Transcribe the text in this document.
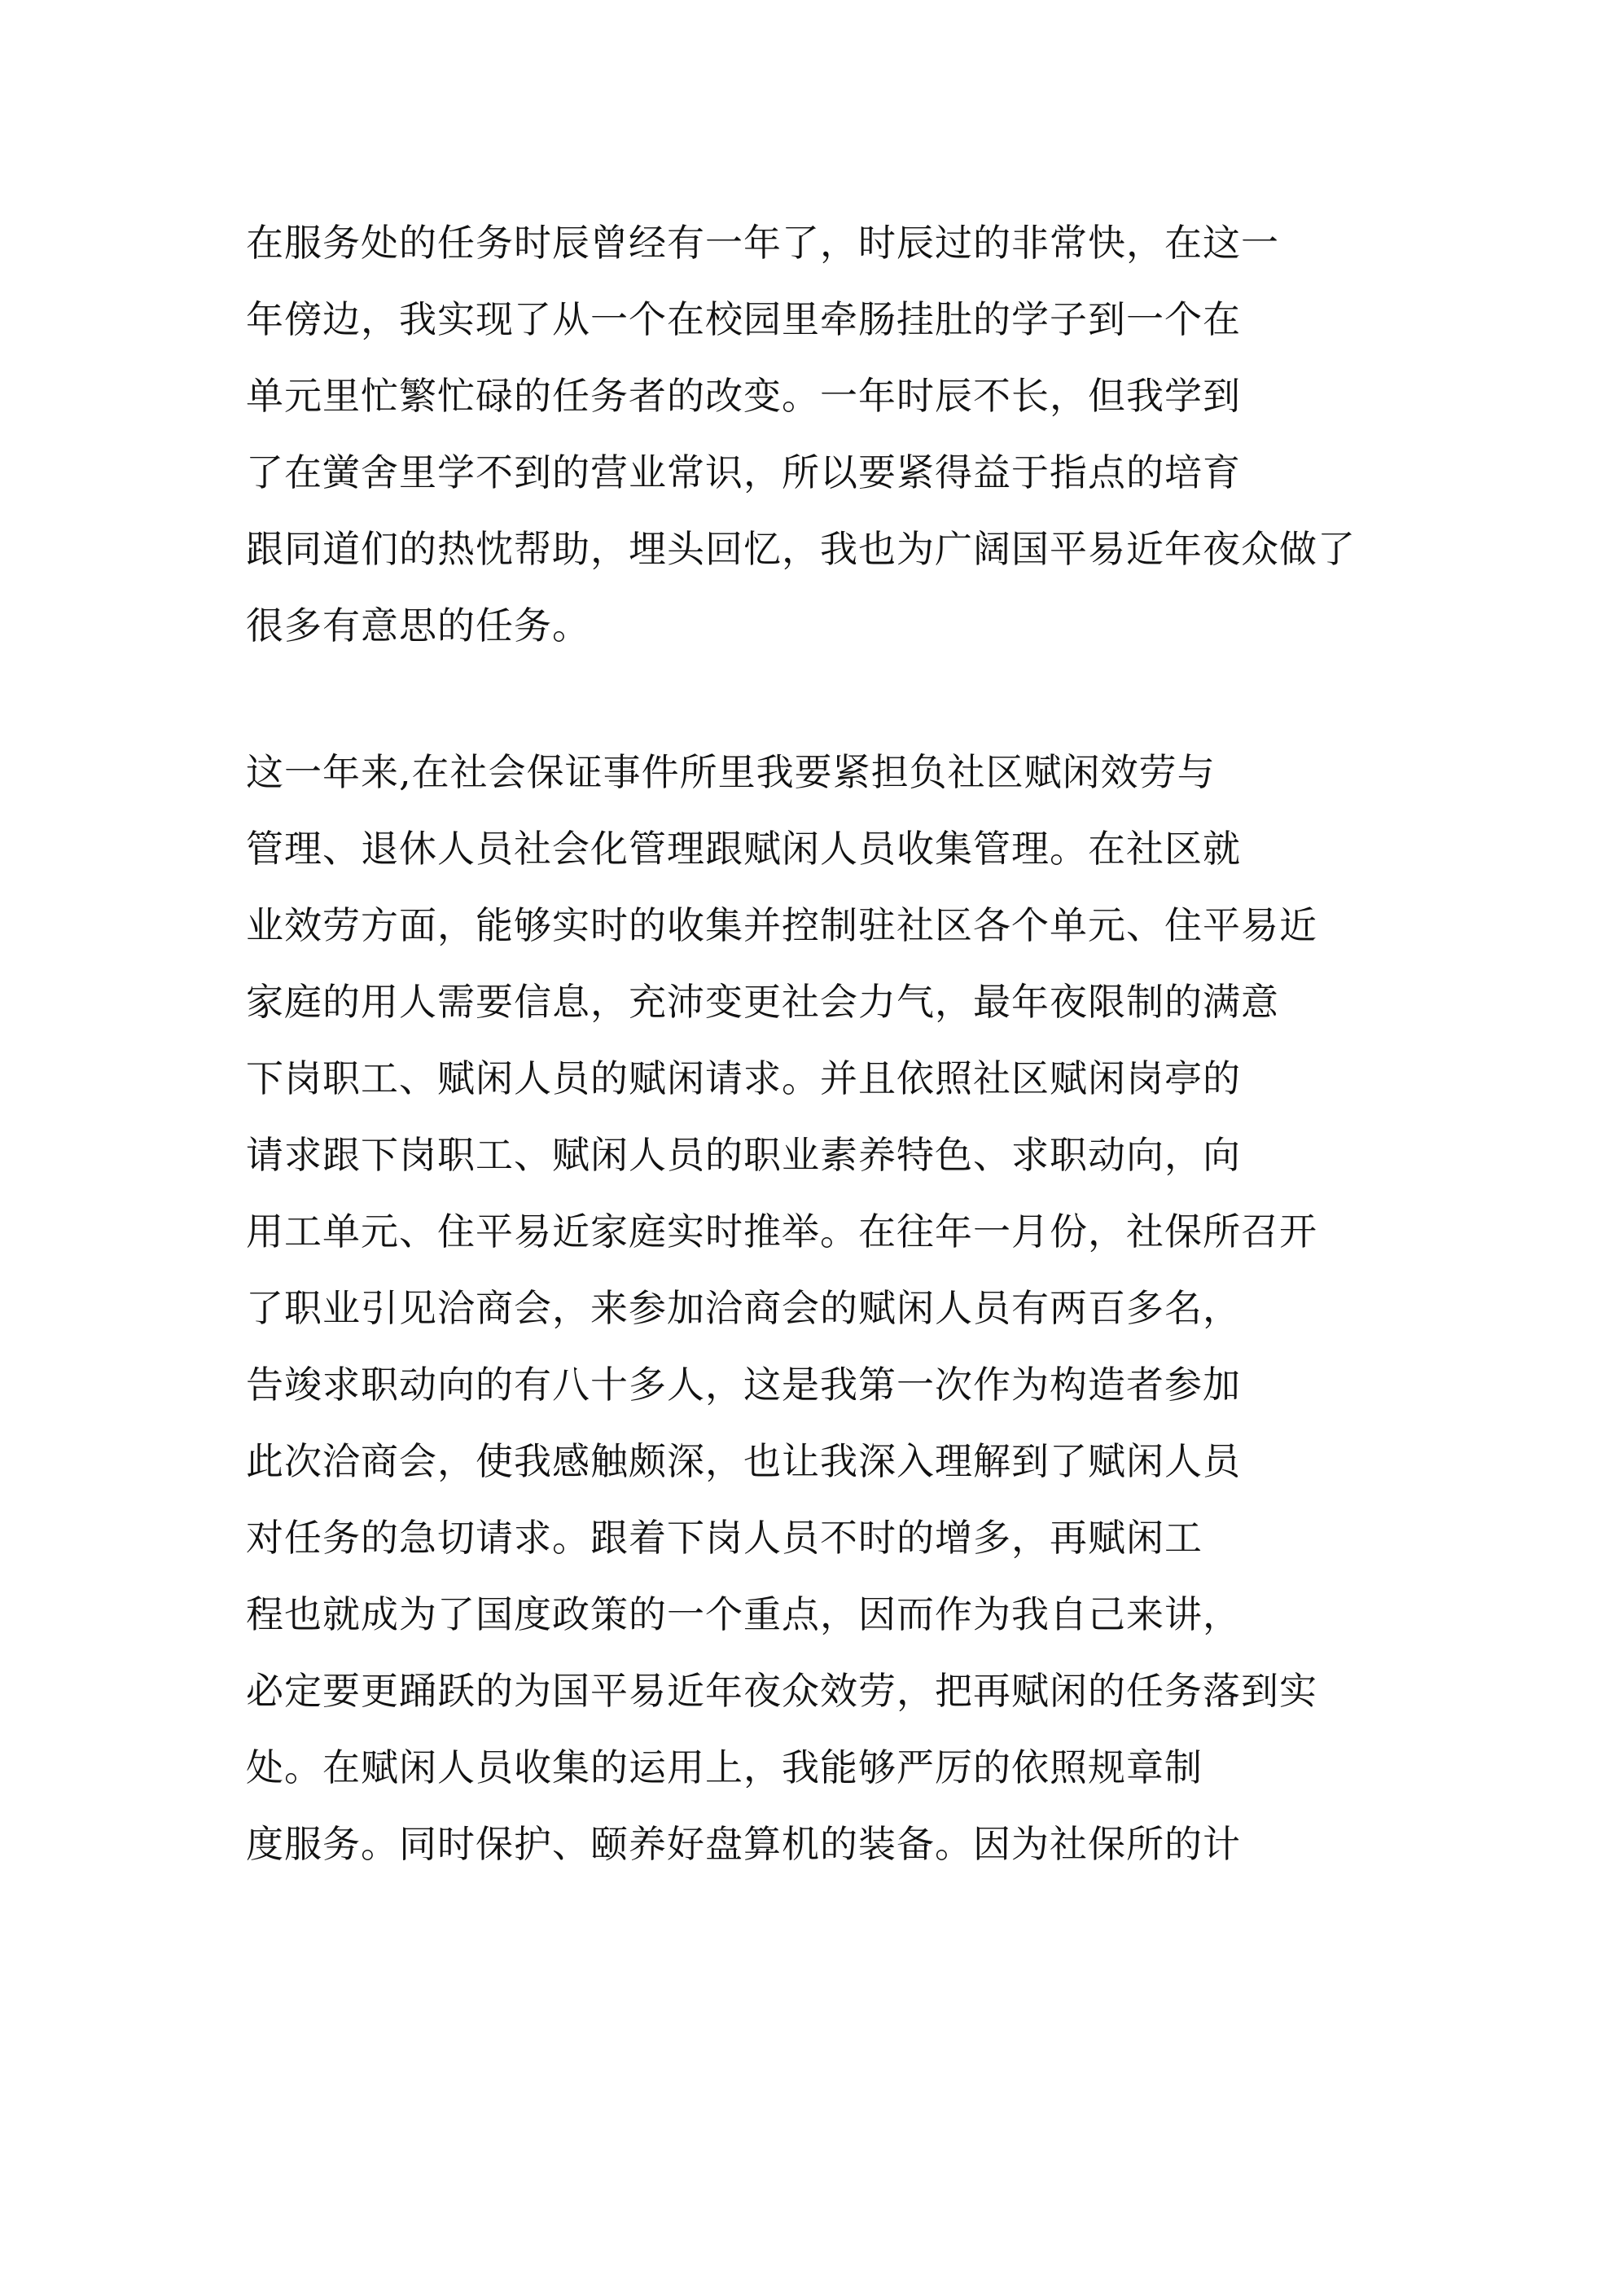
在服务处的任务时辰曾经有一年了，时辰过的非常快，在这一
年傍边，我实现了从一个在校园里牵肠挂肚的学子到一个在
单元里忙繁忙碌的任务者的改变。一年时辰不长，但我学到
了在黉舍里学不到的营业常识，所以要紧得益于指点的培育
跟同道们的热忱帮助，埋头回忆，我也为广阔国平易近年夜众做了
很多有意思的任务。
这一年来,在社会保证事件所里我要紧担负社区赋闲效劳与
管理、退休人员社会化管理跟赋闲人员收集管理。在社区就
业效劳方面，能够实时的收集并控制驻社区各个单元、住平易近
家庭的用人需要信息，充沛变更社会力气，最年夜限制的满意
下岗职工、赋闲人员的赋闲请求。并且依照社区赋闲岗亭的
请求跟下岗职工、赋闲人员的职业素养特色、求职动向，向
用工单元、住平易近家庭实时推举。在往年一月份，社保所召开
了职业引见洽商会，来参加洽商会的赋闲人员有两百多名，
告竣求职动向的有八十多人，这是我第一次作为构造者参加
此次洽商会，使我感触颇深，也让我深入理解到了赋闲人员
对任务的急切请求。跟着下岗人员不时的增多，再赋闲工
程也就成为了国度政策的一个重点，因而作为我自己来讲，
必定要更踊跃的为国平易近年夜众效劳，把再赋闲的任务落到实
处。在赋闲人员收集的运用上，我能够严厉的依照规章制
度服务。同时保护、颐养好盘算机的装备。因为社保所的计
